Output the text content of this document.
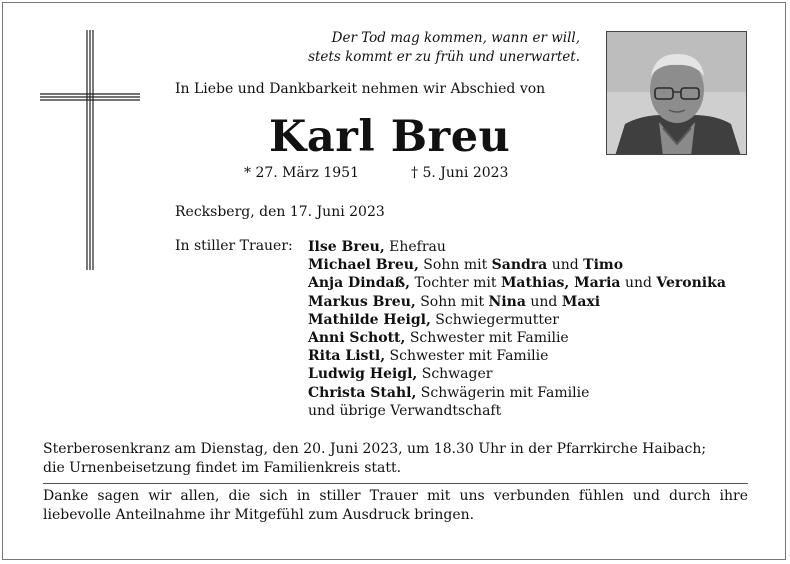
Der Tod mag kommen, wann er will,
stets kommt er zu früh und unerwartet.
In Liebe und Dankbarkeit nehmen wir Abschied von
Karl Breu
* 27. März 1951	† 5. Juni 2023
Recksberg, den 17. Juni 2023
In stiller Trauer: Ilse Breu, Ehefrau
Michael Breu, Sohn mit Sandra und Timo
Anja Dindaß, Tochter mit Mathias, Maria und Veronika
Markus Breu, Sohn mit Nina und Maxi
Mathilde Heigl, Schwiegermutter
Anni Schott, Schwester mit Familie
Rita Listl, Schwester mit Familie
Ludwig Heigl, Schwager
Christa Stahl, Schwägerin mit Familie
und übrige Verwandtschaft
Sterberosenkranz am Dienstag, den 20. Juni 2023, um 18.30 Uhr in der Pfarrkirche Haibach;
die Urnenbeisetzung findet im Familienkreis statt.
Danke sagen wir allen, die sich in stiller Trauer mit uns verbunden fühlen und durch ihre liebevolle Anteilnahme ihr Mitgefühl zum Ausdruck bringen.
